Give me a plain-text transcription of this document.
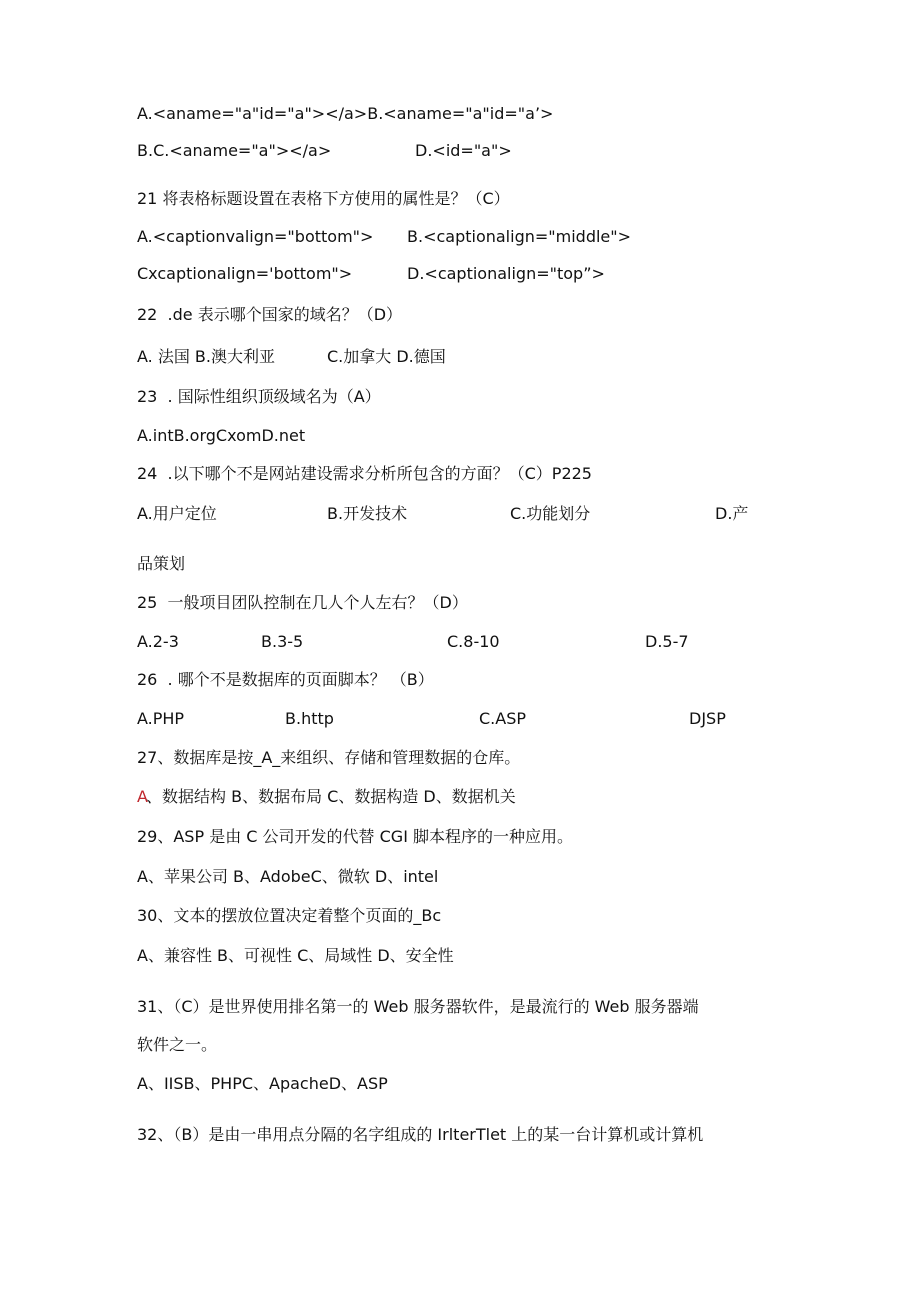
A.<aname="a"id="a"></a>B.<aname="a"id="a’>
B.C.<aname="a"></a>	D.<id="a">
21 将表格标题设置在表格下方使用的属性是？（C）
A.<captionvalign="bottom"> B.<captionalign="middle">
Cxcaptionalign='bottom">	D.<captionalign="top”>
22  .de 表示哪个国家的域名？（D）
A. 法国 B.澳大利亚	C.加拿大 D.德国
23  . 国际性组织顶级域名为（A）
A.intB.orgCxomD.net
24  .以下哪个不是网站建设需求分析所包含的方面？（C）P225
A.用户定位	B.开发技术	C.功能划分	D.产
品策划
25  一般项目团队控制在几人个人左右？（D）
A.2-3	B.3-5	C.8-10	D.5-7
26  . 哪个不是数据库的页面脚本？ （B）
A.PHP	B.http	C.ASP	DJSP
27、数据库是按_A_来组织、存储和管理数据的仓库。
A
、数据结构 B、数据布局 C、数据构造 D、数据机关
29、ASP 是由 C 公司开发的代替 CGI 脚本程序的一种应用。
A、苹果公司 B、AdobeC、微软 D、intel
30、文本的摆放位置决定着整个页面的_Bc
A、兼容性 B、可视性 C、局域性 D、安全性
31、（C）是世界使用排名第一的 Web 服务器软件，是最流行的 Web 服务器端
软件之一。
A、IISB、PHPC、ApacheD、ASP
32、（B）是由一串用点分隔的名字组成的 IrlterTlet 上的某一台计算机或计算机
